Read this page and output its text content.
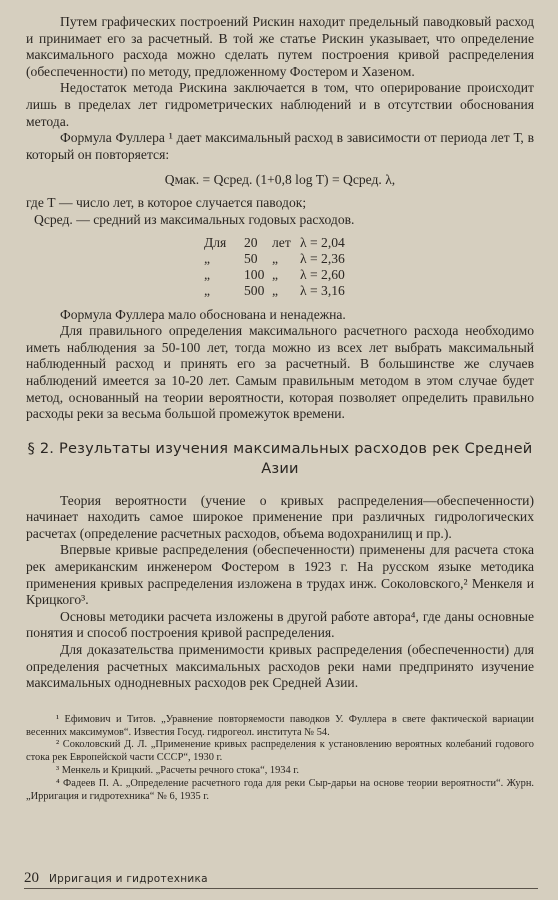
Путем графических построений Рискин находит предельный паводковый расход и принимает его за расчетный. В той же статье Рискин указывает, что определение максимального расхода можно сделать путем построения кривой распределения (обеспеченности) по методу, предложенному Фостером и Хазеном.

Недостаток метода Рискина заключается в том, что оперирование происходит лишь в пределах лет гидрометрических наблюдений и в отсутствии обоснования метода.

Формула Фуллера ¹ дает максимальный расход в зависимости от периода лет Т, в который он повторяется:

Qмак. = Qсред. (1+0,8 log T) = Qсред. λ,

где Т — число лет, в которое случается паводок;

Qсред. — средний из максимальных годовых расходов.

Для	20	лет λ = 2,04
„	50	„	λ = 2,36
„	100 „	λ = 2,60
„	500 „	λ = 3,16

Формула Фуллера мало обоснована и ненадежна.

Для правильного определения максимального расчетного расхода необходимо иметь наблюдения за 50-100 лет, тогда можно из всех лет выбрать максимальный наблюденный расход и принять его за расчетный. В большинстве же случаев наблюдений имеется за 10-20 лет. Самым правильным методом в этом случае будет метод, основанный на теории вероятности, которая позволяет определить правильно расходы реки за весьма большой промежуток времени.

§ 2. Результаты изучения максимальных расходов рек Средней Азии

Теория вероятности (учение о кривых распределения—обеспеченности) начинает находить самое широкое применение при различных гидрологических расчетах (определение расчетных расходов, объема водохранилищ и пр.).

Впервые кривые распределения (обеспеченности) применены для расчета стока рек американским инженером Фостером в 1923 г. На русском языке методика применения кривых распределения изложена в трудах инж. Соколовского,² Менкеля и Крицкого³.

Основы методики расчета изложены в другой работе автора⁴, где даны основные понятия и способ построения кривой распределения.

Для доказательства применимости кривых распределения (обеспеченности) для определения расчетных максимальных расходов реки нами предпринято изучение максимальных однодневных расходов рек Средней Азии.

¹ Ефимович и Титов. „Уравнение повторяемости паводков У. Фуллера в свете фактической вариации весенних максимумов“. Известия Госуд. гидрогеол. института № 54.

² Соколовский Д. Л. „Применение кривых распределения к установлению вероятных колебаний годового стока рек Европейской части СССР“, 1930 г.

³ Менкель и Крицкий. „Расчеты речного стока“, 1934 г.

⁴ Фадеев П. А. „Определение расчетного года для реки Сыр-дарьи на основе теории вероятности“. Журн. „Ирригация и гидротехника“ № 6, 1935 г.

20 Ирригация и гидротехника
